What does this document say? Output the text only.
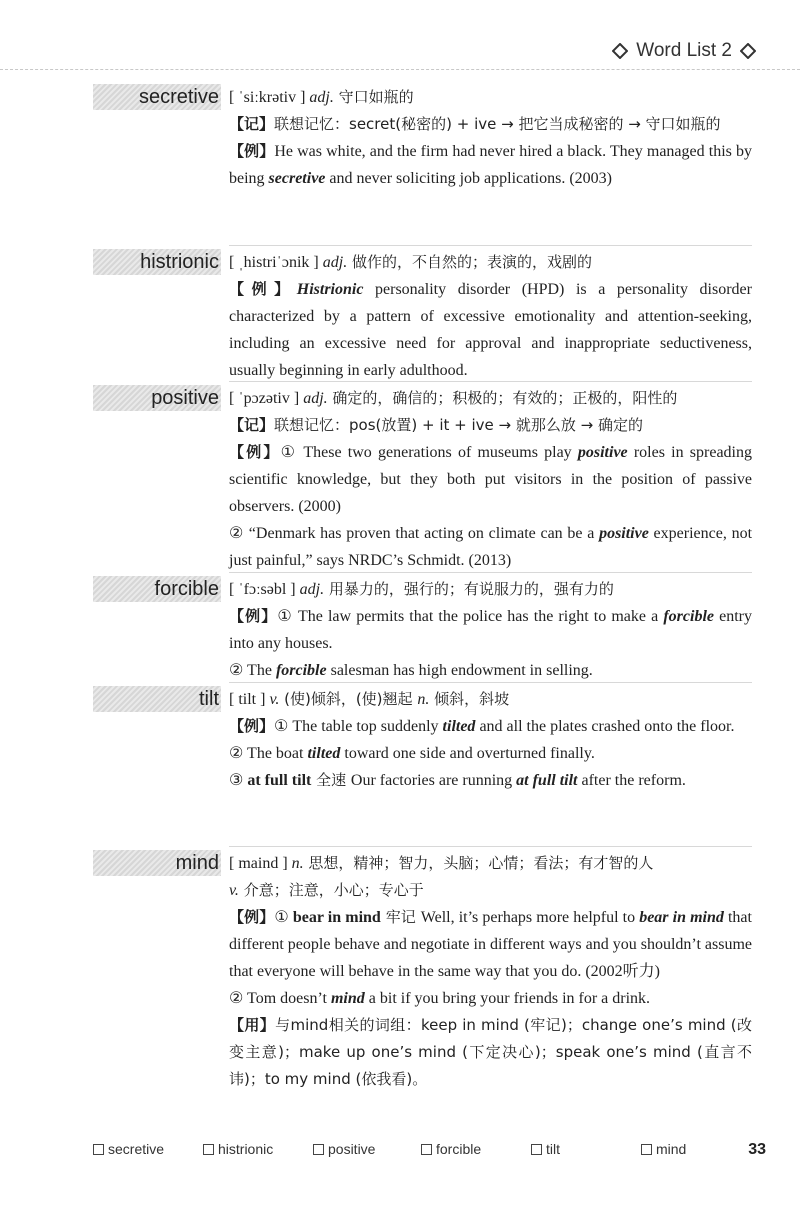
Word List 2
secretive [ ˈsiːkrətiv ] adj. 守口如瓶的
【记】联想记忆：secret(秘密的) + ive → 把它当成秘密的 → 守口如瓶的
【例】He was white, and the firm had never hired a black. They managed this by being secretive and never soliciting job applications. (2003)
histrionic [ ˌhistriˈɔnik ] adj. 做作的，不自然的；表演的，戏剧的
【例】Histrionic personality disorder (HPD) is a personality disorder characterized by a pattern of excessive emotionality and attention-seeking, including an excessive need for approval and inappropriate seductiveness, usually beginning in early adulthood.
positive [ ˈpɔzətiv ] adj. 确定的，确信的；积极的；有效的；正极的，阳性的
【记】联想记忆：pos(放置) + it + ive → 就那么放 → 确定的
【例】① These two generations of museums play positive roles in spreading scientific knowledge, but they both put visitors in the position of passive observers. (2000)
② “Denmark has proven that acting on climate can be a positive experience, not just painful,” says NRDC’s Schmidt. (2013)
forcible [ ˈfɔːsəbl ] adj. 用暴力的，强行的；有说服力的，强有力的
【例】① The law permits that the police has the right to make a forcible entry into any houses.
② The forcible salesman has high endowment in selling.
tilt [ tilt ] v. (使)倾斜，(使)翘起 n. 倾斜，斜坡
【例】① The table top suddenly tilted and all the plates crashed onto the floor.
② The boat tilted toward one side and overturned finally.
③ at full tilt 全速 Our factories are running at full tilt after the reform.
mind [ maind ] n. 思想，精神；智力，头脑；心情；看法；有才智的人
v. 介意；注意，小心；专心于
【例】① bear in mind 牢记 Well, it’s perhaps more helpful to bear in mind that different people behave and negotiate in different ways and you shouldn’t assume that everyone will behave in the same way that you do. (2002听力)
② Tom doesn’t mind a bit if you bring your friends in for a drink.
【用】与mind相关的词组：keep in mind (牢记)；change one’s mind (改变主意)；make up one’s mind (下定决心)；speak one’s mind (直言不讳)；to my mind (依我看)。
secretive	histrionic	positive	forcible	tilt	mind	33
